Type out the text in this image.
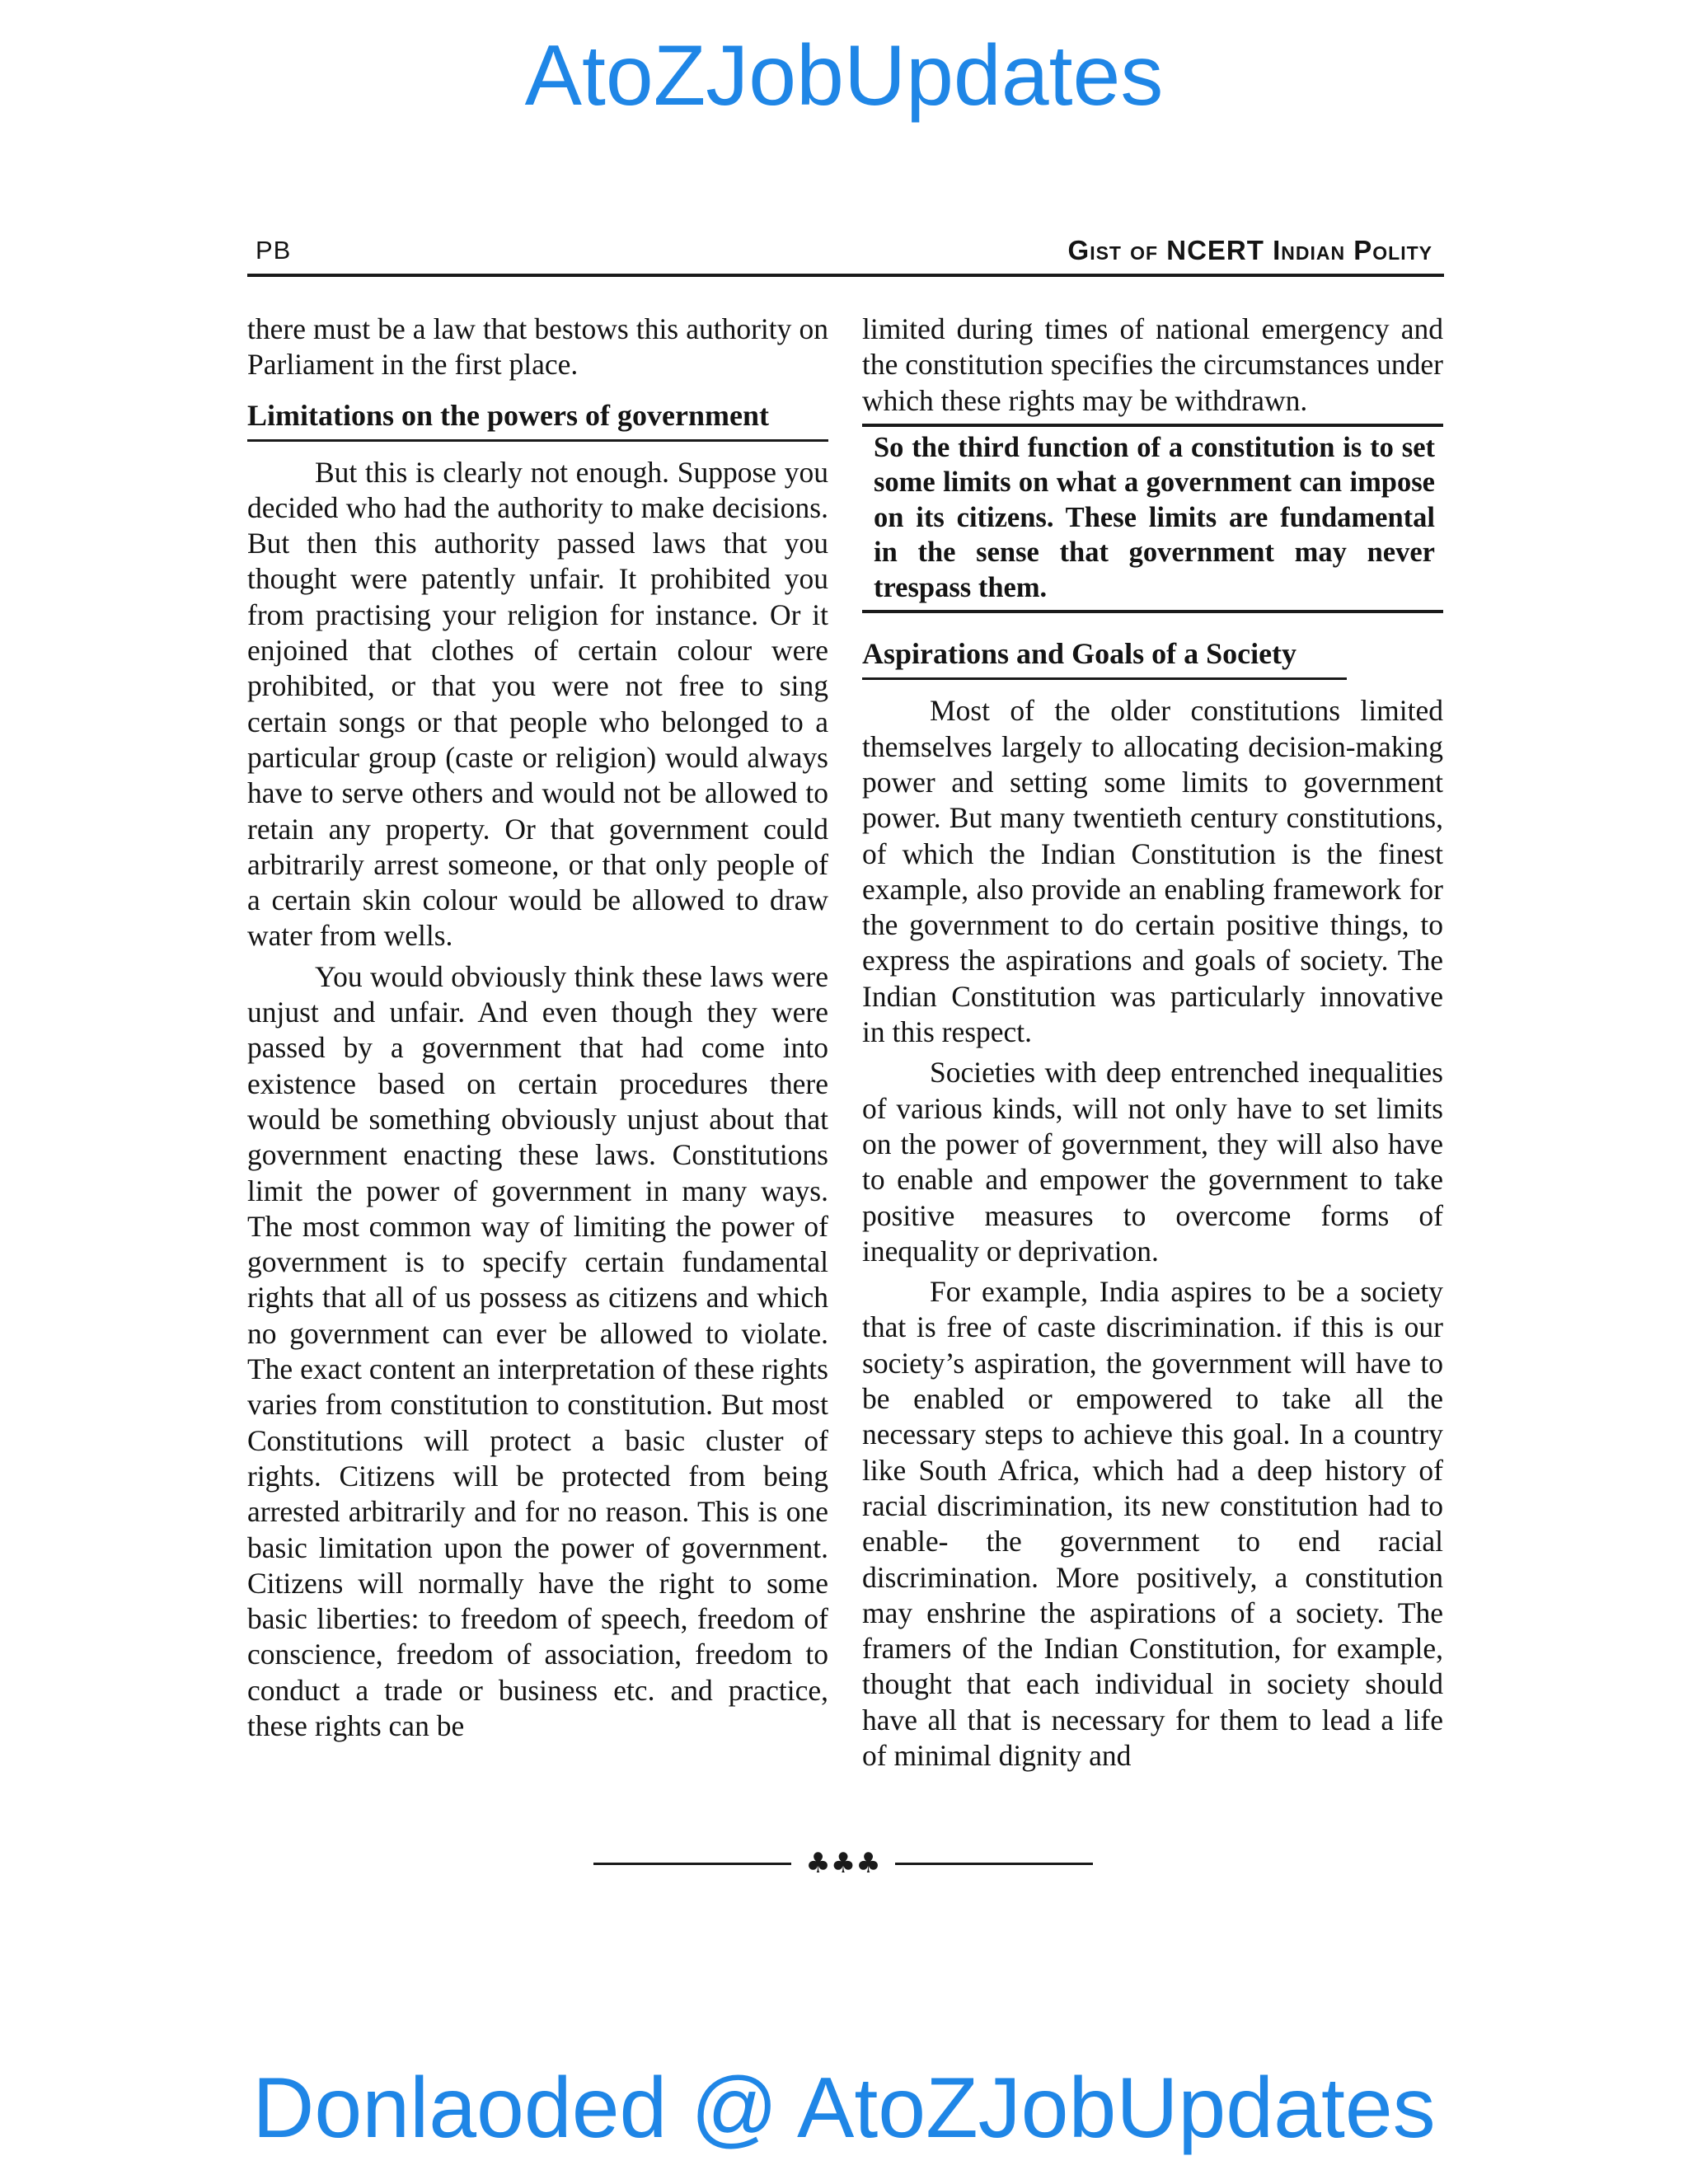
AtoZJobUpdates
PB	Gist of NCERT Indian Polity

there must be a law that bestows this authority on Parliament in the first place.

Limitations on the powers of government

But this is clearly not enough. Suppose you decided who had the authority to make decisions. But then this authority passed laws that you thought were patently unfair. It prohibited you from practising your religion for instance. Or it enjoined that clothes of certain colour were prohibited, or that you were not free to sing certain songs or that people who belonged to a particular group (caste or religion) would always have to serve others and would not be allowed to retain any property. Or that government could arbitrarily arrest someone, or that only people of a certain skin colour would be allowed to draw water from wells.

You would obviously think these laws were unjust and unfair. And even though they were passed by a government that had come into existence based on certain procedures there would be something obviously unjust about that government enacting these laws. Constitutions limit the power of government in many ways. The most common way of limiting the power of government is to specify certain fundamental rights that all of us possess as citizens and which no government can ever be allowed to violate. The exact content an interpretation of these rights varies from constitution to constitution. But most Constitutions will protect a basic cluster of rights. Citizens will be protected from being arrested arbitrarily and for no reason. This is one basic limitation upon the power of government. Citizens will normally have the right to some basic liberties: to freedom of speech, freedom of conscience, freedom of association, freedom to conduct a trade or business etc. and practice, these rights can be

limited during times of national emergency and the constitution specifies the circumstances under which these rights may be withdrawn.

So the third function of a constitution is to set some limits on what a government can impose on its citizens. These limits are fundamental in the sense that government may never trespass them.

Aspirations and Goals of a Society

Most of the older constitutions limited themselves largely to allocating decision-making power and setting some limits to government power. But many twentieth century constitutions, of which the Indian Constitution is the finest example, also provide an enabling framework for the government to do certain positive things, to express the aspirations and goals of society. The Indian Constitution was particularly innovative in this respect.

Societies with deep entrenched inequalities of various kinds, will not only have to set limits on the power of government, they will also have to enable and empower the government to take positive measures to overcome forms of inequality or deprivation.

For example, India aspires to be a society that is free of caste discrimination. if this is our society’s aspiration, the government will have to be enabled or empowered to take all the necessary steps to achieve this goal. In a country like South Africa, which had a deep history of racial discrimination, its new constitution had to enable- the government to end racial discrimination. More positively, a constitution may enshrine the aspirations of a society. The framers of the Indian Constitution, for example, thought that each individual in society should have all that is necessary for them to lead a life of minimal dignity and

♣♣♣
Donlaoded @ AtoZJobUpdates
